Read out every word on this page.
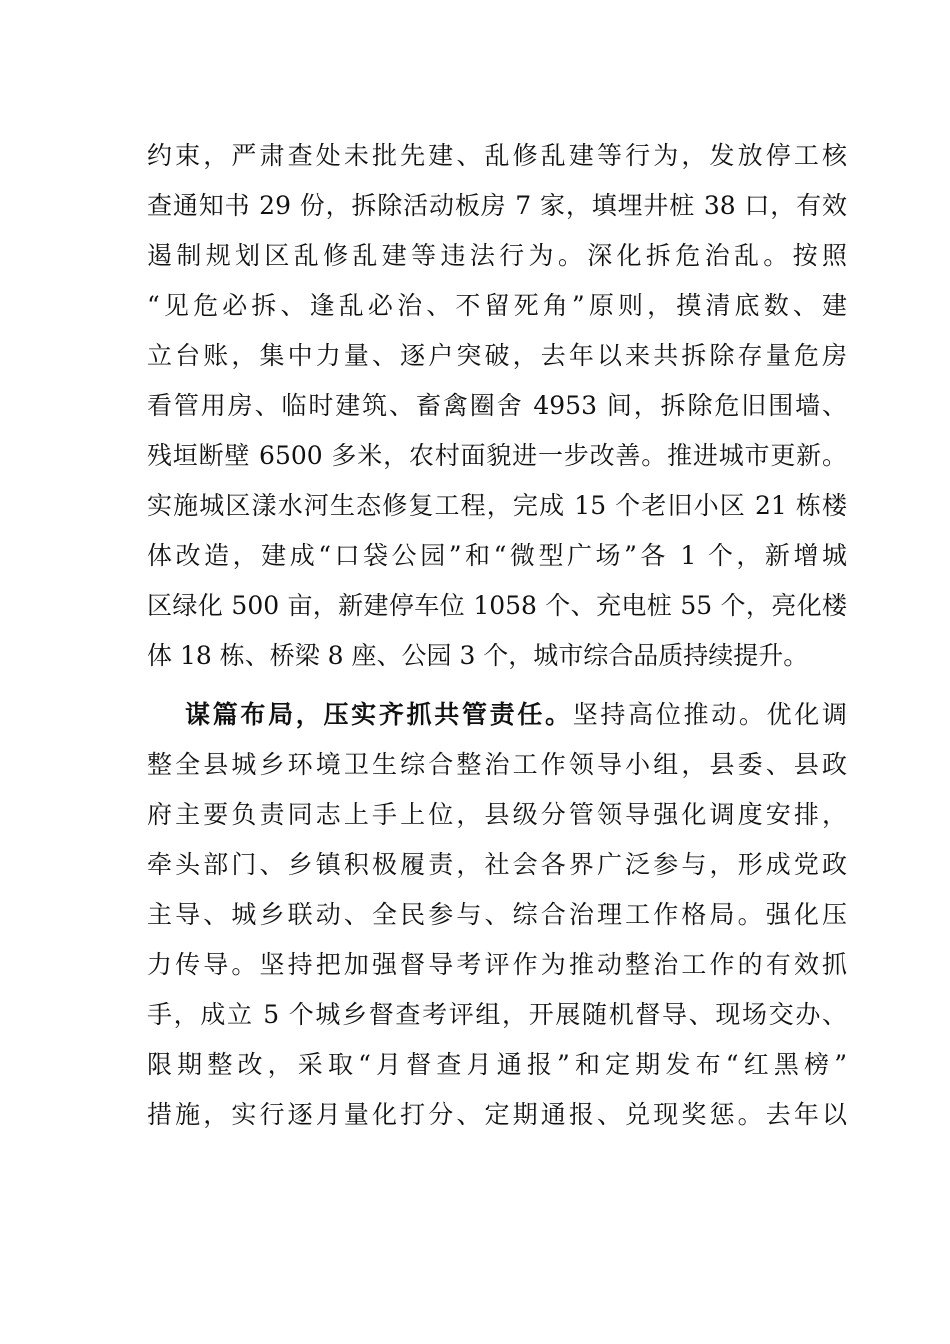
约束，严肃查处未批先建、乱修乱建等行为，发放停工核
查通知书 29 份，拆除活动板房 7 家，填埋井桩 38 口，有效
遏制规划区乱修乱建等违法行为。深化拆危治乱。按照
“见危必拆、逢乱必治、不留死角”原则，摸清底数、建
立台账，集中力量、逐户突破，去年以来共拆除存量危房
看管用房、临时建筑、畜禽圈舍 4953 间，拆除危旧围墙、
残垣断壁 6500 多米，农村面貌进一步改善。推进城市更新。
实施城区漾水河生态修复工程，完成 15 个老旧小区 21 栋楼
体改造，建成“口袋公园”和“微型广场”各 1 个，新增城
区绿化 500 亩，新建停车位 1058 个、充电桩 55 个，亮化楼
体 18 栋、桥梁 8 座、公园 3 个，城市综合品质持续提升。
谋篇布局，压实齐抓共管责任。坚持高位推动。优化调
整全县城乡环境卫生综合整治工作领导小组，县委、县政
府主要负责同志上手上位，县级分管领导强化调度安排，
牵头部门、乡镇积极履责，社会各界广泛参与，形成党政
主导、城乡联动、全民参与、综合治理工作格局。强化压
力传导。坚持把加强督导考评作为推动整治工作的有效抓
手，成立 5 个城乡督查考评组，开展随机督导、现场交办、
限期整改，采取“月督查月通报”和定期发布“红黑榜”
措施，实行逐月量化打分、定期通报、兑现奖惩。去年以
